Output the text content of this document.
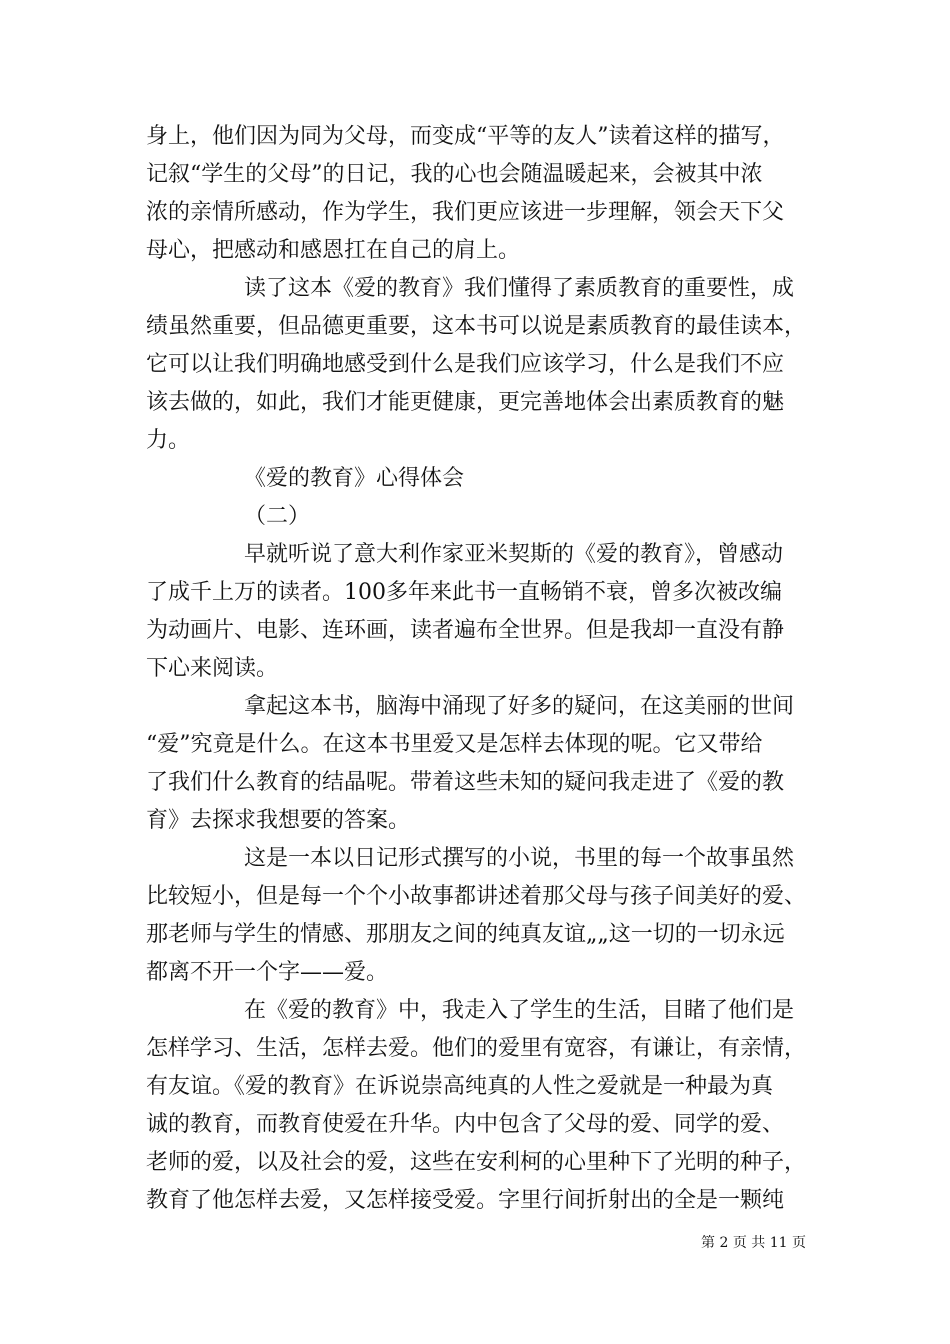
身上，他们因为同为父母，而变成“平等的友人”读着这样的描写，
记叙“学生的父母”的日记，我的心也会随温暖起来，会被其中浓
浓的亲情所感动，作为学生，我们更应该进一步理解，领会天下父
母心，把感动和感恩扛在自己的肩上。
读了这本《爱的教育》我们懂得了素质教育的重要性，成
绩虽然重要，但品德更重要，这本书可以说是素质教育的最佳读本，
它可以让我们明确地感受到什么是我们应该学习，什么是我们不应
该去做的，如此，我们才能更健康，更完善地体会出素质教育的魅
力。
《爱的教育》心得体会
（二）
早就听说了意大利作家亚米契斯的《爱的教育》，曾感动
了成千上万的读者。100多年来此书一直畅销不衰，曾多次被改编
为动画片、电影、连环画，读者遍布全世界。但是我却一直没有静
下心来阅读。
拿起这本书，脑海中涌现了好多的疑问，在这美丽的世间
“爱”究竟是什么。在这本书里爱又是怎样去体现的呢。它又带给
了我们什么教育的结晶呢。带着这些未知的疑问我走进了《爱的教
育》去探求我想要的答案。
这是一本以日记形式撰写的小说，书里的每一个故事虽然
比较短小，但是每一个个小故事都讲述着那父母与孩子间美好的爱、
那老师与学生的情感、那朋友之间的纯真友谊„„这一切的一切永远
都离不开一个字——爱。
在《爱的教育》中，我走入了学生的生活，目睹了他们是
怎样学习、生活，怎样去爱。他们的爱里有宽容，有谦让，有亲情，
有友谊。《爱的教育》在诉说崇高纯真的人性之爱就是一种最为真
诚的教育，而教育使爱在升华。内中包含了父母的爱、同学的爱、
老师的爱，以及社会的爱，这些在安利柯的心里种下了光明的种子，
教育了他怎样去爱，又怎样接受爱。字里行间折射出的全是一颗纯
第 2 页 共 11 页
